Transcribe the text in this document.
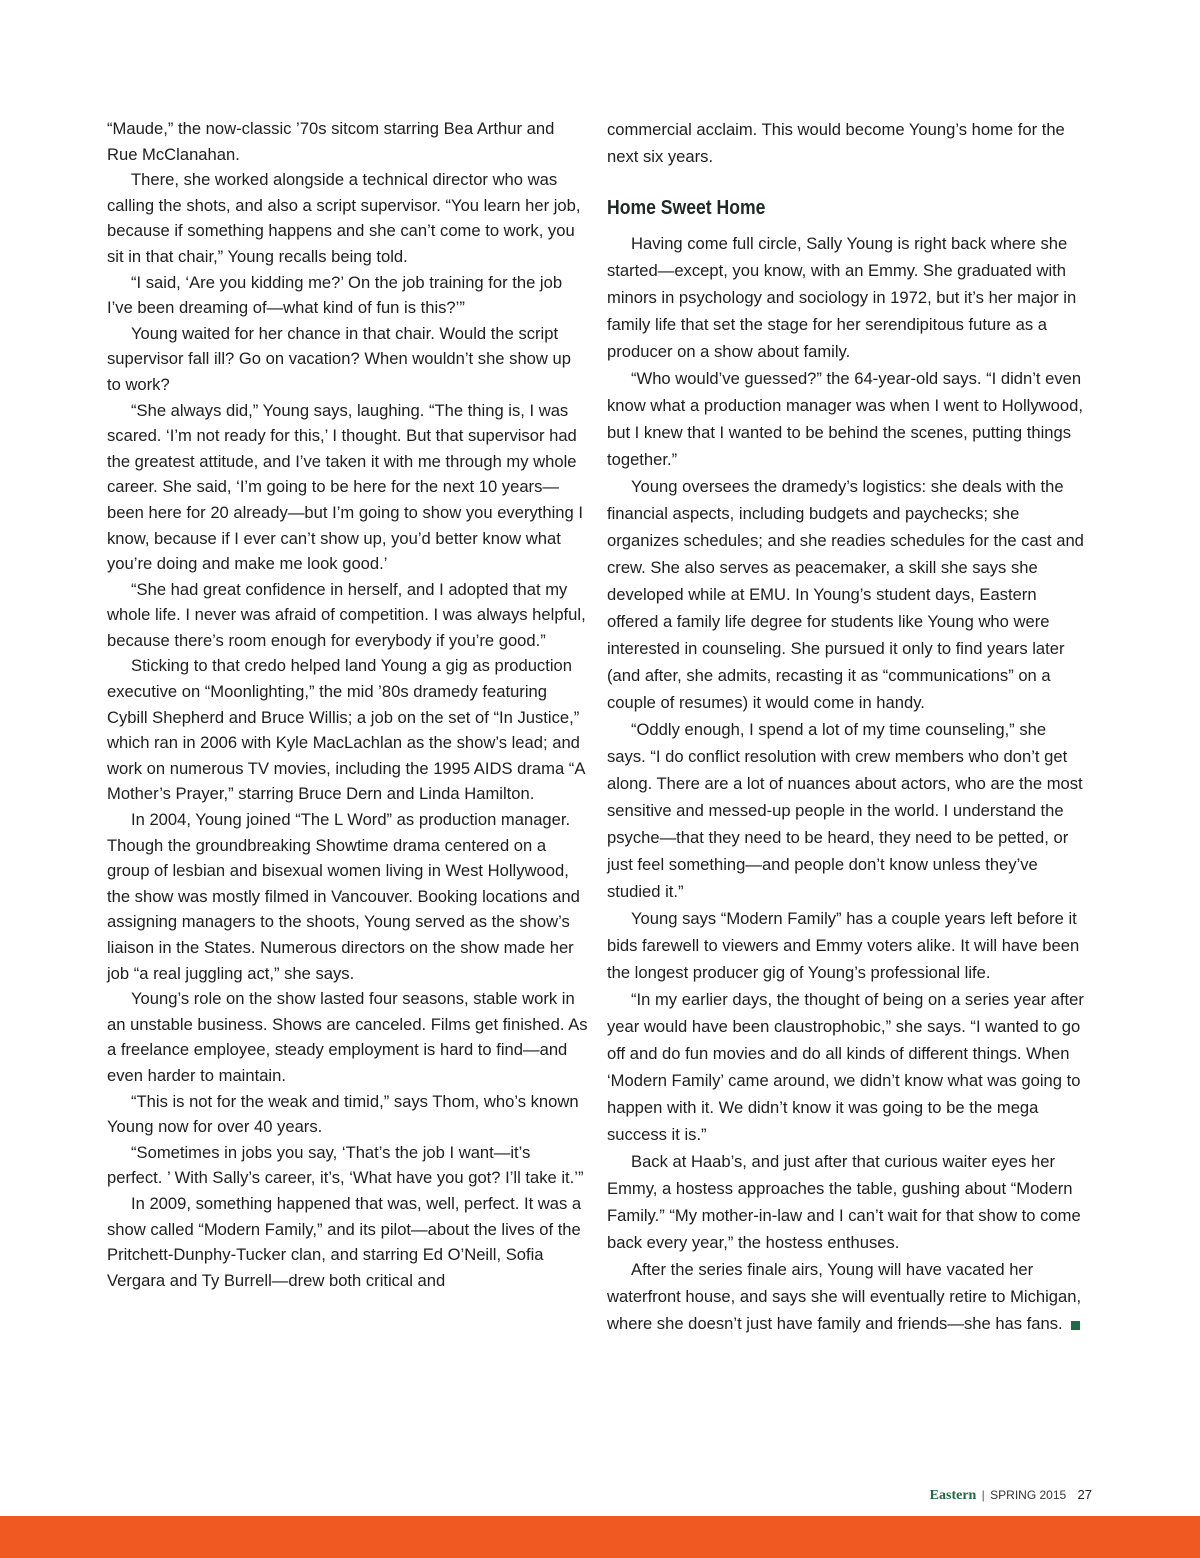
“Maude,” the now-classic ’70s sitcom starring Bea Arthur and Rue McClanahan.

There, she worked alongside a technical director who was calling the shots, and also a script supervisor. “You learn her job, because if something happens and she can’t come to work, you sit in that chair,” Young recalls being told.

“I said, ‘Are you kidding me?’ On the job training for the job I’ve been dreaming of—what kind of fun is this?’”

Young waited for her chance in that chair. Would the script supervisor fall ill? Go on vacation? When wouldn’t she show up to work?

“She always did,” Young says, laughing. “The thing is, I was scared. ‘I’m not ready for this,’ I thought. But that supervisor had the greatest attitude, and I’ve taken it with me through my whole career. She said, ‘I’m going to be here for the next 10 years—been here for 20 already—but I’m going to show you everything I know, because if I ever can’t show up, you’d better know what you’re doing and make me look good.’

“She had great confidence in herself, and I adopted that my whole life. I never was afraid of competition. I was always helpful, because there’s room enough for everybody if you’re good.”

Sticking to that credo helped land Young a gig as production executive on “Moonlighting,” the mid ’80s dramedy featuring Cybill Shepherd and Bruce Willis; a job on the set of “In Justice,” which ran in 2006 with Kyle MacLachlan as the show’s lead; and work on numerous TV movies, including the 1995 AIDS drama “A Mother’s Prayer,” starring Bruce Dern and Linda Hamilton.

In 2004, Young joined “The L Word” as production manager. Though the groundbreaking Showtime drama centered on a group of lesbian and bisexual women living in West Hollywood, the show was mostly filmed in Vancouver. Booking locations and assigning managers to the shoots, Young served as the show’s liaison in the States. Numerous directors on the show made her job “a real juggling act,” she says.

Young’s role on the show lasted four seasons, stable work in an unstable business. Shows are canceled. Films get finished. As a freelance employee, steady employment is hard to find—and even harder to maintain.

“This is not for the weak and timid,” says Thom, who’s known Young now for over 40 years.

“Sometimes in jobs you say, ‘That’s the job I want—it’s perfect. ’ With Sally’s career, it’s, ‘What have you got? I’ll take it.’”

In 2009, something happened that was, well, perfect. It was a show called “Modern Family,” and its pilot—about the lives of the Pritchett-Dunphy-Tucker clan, and starring Ed O’Neill, Sofia Vergara and Ty Burrell—drew both critical and

commercial acclaim. This would become Young’s home for the next six years.

Home Sweet Home

Having come full circle, Sally Young is right back where she started—except, you know, with an Emmy. She graduated with minors in psychology and sociology in 1972, but it’s her major in family life that set the stage for her serendipitous future as a producer on a show about family.

“Who would’ve guessed?” the 64-year-old says. “I didn’t even know what a production manager was when I went to Hollywood, but I knew that I wanted to be behind the scenes, putting things together.”

Young oversees the dramedy’s logistics: she deals with the financial aspects, including budgets and paychecks; she organizes schedules; and she readies schedules for the cast and crew. She also serves as peacemaker, a skill she says she developed while at EMU. In Young’s student days, Eastern offered a family life degree for students like Young who were interested in counseling. She pursued it only to find years later (and after, she admits, recasting it as “communications” on a couple of resumes) it would come in handy.

“Oddly enough, I spend a lot of my time counseling,” she says. “I do conflict resolution with crew members who don’t get along. There are a lot of nuances about actors, who are the most sensitive and messed-up people in the world. I understand the psyche—that they need to be heard, they need to be petted, or just feel something—and people don’t know unless they’ve studied it.”

Young says “Modern Family” has a couple years left before it bids farewell to viewers and Emmy voters alike. It will have been the longest producer gig of Young’s professional life.

“In my earlier days, the thought of being on a series year after year would have been claustrophobic,” she says. “I wanted to go off and do fun movies and do all kinds of different things. When ‘Modern Family’ came around, we didn’t know what was going to happen with it. We didn’t know it was going to be the mega success it is.”

Back at Haab’s, and just after that curious waiter eyes her Emmy, a hostess approaches the table, gushing about “Modern Family.” “My mother-in-law and I can’t wait for that show to come back every year,” the hostess enthuses.

After the series finale airs, Young will have vacated her waterfront house, and says she will eventually retire to Michigan, where she doesn’t just have family and friends—she has fans.

Eastern | SPRING 2015 27
